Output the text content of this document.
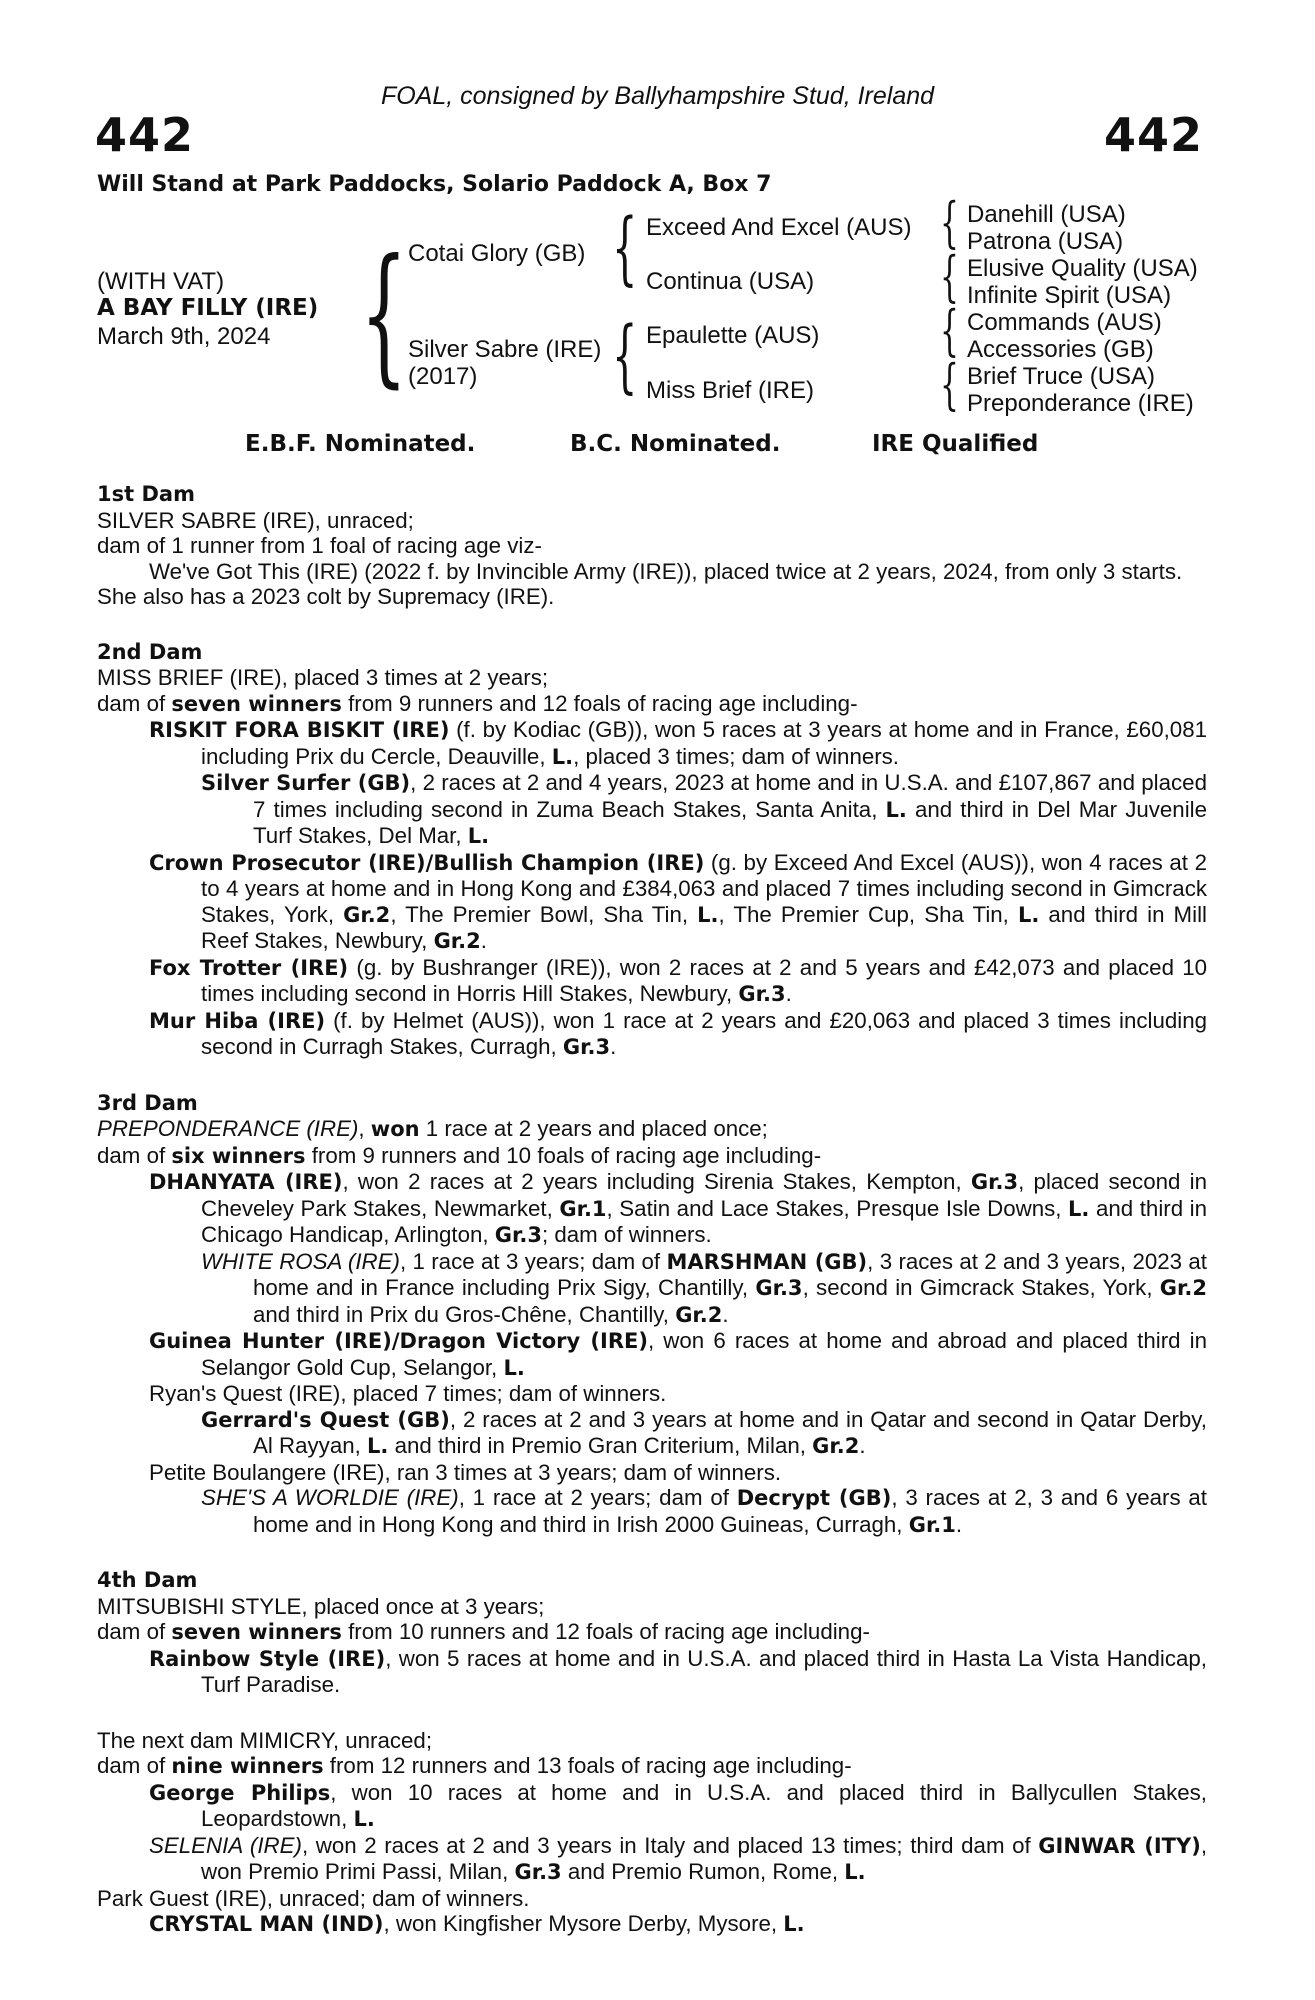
FOAL, consigned by Ballyhampshire Stud, Ireland
442	442
Will Stand at Park Paddocks, Solario Paddock A, Box 7
(WITH VAT)
A BAY FILLY (IRE)
March 9th, 2024 { Cotai Glory (GB)
Silver Sabre (IRE)
(2017)
{
{
Exceed And Excel (AUS)
Continua (USA)
Epaulette (AUS)
Miss Brief (IRE)
{
{
{
{
Danehill (USA)
Patrona (USA)
Elusive Quality (USA)
Infinite Spirit (USA)
Commands (AUS)
Accessories (GB)
Brief Truce (USA)
Preponderance (IRE)
E.B.F. Nominated.	B.C. Nominated.	IRE Qualified
1st Dam
SILVER SABRE (IRE), unraced;
dam of 1 runner from 1 foal of racing age viz-
We've Got This (IRE) (2022 f. by Invincible Army (IRE)), placed twice at 2 years, 2024, from only 3 starts.
She also has a 2023 colt by Supremacy (IRE).
2nd Dam
MISS BRIEF (IRE), placed 3 times at 2 years;
dam of seven winners from 9 runners and 12 foals of racing age including-
RISKIT FORA BISKIT (IRE) (f. by Kodiac (GB)), won 5 races at 3 years at home and in France, £60,081 including Prix du Cercle, Deauville, L., placed 3 times; dam of winners.
Silver Surfer (GB), 2 races at 2 and 4 years, 2023 at home and in U.S.A. and £107,867 and placed 7 times including second in Zuma Beach Stakes, Santa Anita, L. and third in Del Mar Juvenile Turf Stakes, Del Mar, L.
Crown Prosecutor (IRE)/Bullish Champion (IRE) (g. by Exceed And Excel (AUS)), won 4 races at 2 to 4 years at home and in Hong Kong and £384,063 and placed 7 times including second in Gimcrack Stakes, York, Gr.2, The Premier Bowl, Sha Tin, L., The Premier Cup, Sha Tin, L. and third in Mill Reef Stakes, Newbury, Gr.2.
Fox Trotter (IRE) (g. by Bushranger (IRE)), won 2 races at 2 and 5 years and £42,073 and placed 10 times including second in Horris Hill Stakes, Newbury, Gr.3.
Mur Hiba (IRE) (f. by Helmet (AUS)), won 1 race at 2 years and £20,063 and placed 3 times including second in Curragh Stakes, Curragh, Gr.3.
3rd Dam
PREPONDERANCE (IRE), won 1 race at 2 years and placed once;
dam of six winners from 9 runners and 10 foals of racing age including-
DHANYATA (IRE), won 2 races at 2 years including Sirenia Stakes, Kempton, Gr.3, placed second in Cheveley Park Stakes, Newmarket, Gr.1, Satin and Lace Stakes, Presque Isle Downs, L. and third in Chicago Handicap, Arlington, Gr.3; dam of winners.
WHITE ROSA (IRE), 1 race at 3 years; dam of MARSHMAN (GB), 3 races at 2 and 3 years, 2023 at home and in France including Prix Sigy, Chantilly, Gr.3, second in Gimcrack Stakes, York, Gr.2 and third in Prix du Gros-Chêne, Chantilly, Gr.2.
Guinea Hunter (IRE)/Dragon Victory (IRE), won 6 races at home and abroad and placed third in Selangor Gold Cup, Selangor, L.
Ryan's Quest (IRE), placed 7 times; dam of winners.
Gerrard's Quest (GB), 2 races at 2 and 3 years at home and in Qatar and second in Qatar Derby, Al Rayyan, L. and third in Premio Gran Criterium, Milan, Gr.2.
Petite Boulangere (IRE), ran 3 times at 3 years; dam of winners.
SHE'S A WORLDIE (IRE), 1 race at 2 years; dam of Decrypt (GB), 3 races at 2, 3 and 6 years at home and in Hong Kong and third in Irish 2000 Guineas, Curragh, Gr.1.
4th Dam
MITSUBISHI STYLE, placed once at 3 years;
dam of seven winners from 10 runners and 12 foals of racing age including-
Rainbow Style (IRE), won 5 races at home and in U.S.A. and placed third in Hasta La Vista Handicap, Turf Paradise.
The next dam MIMICRY, unraced;
dam of nine winners from 12 runners and 13 foals of racing age including-
George Philips, won 10 races at home and in U.S.A. and placed third in Ballycullen Stakes, Leopardstown, L.
SELENIA (IRE), won 2 races at 2 and 3 years in Italy and placed 13 times; third dam of GINWAR (ITY), won Premio Primi Passi, Milan, Gr.3 and Premio Rumon, Rome, L.
Park Guest (IRE), unraced; dam of winners.
CRYSTAL MAN (IND), won Kingfisher Mysore Derby, Mysore, L.
